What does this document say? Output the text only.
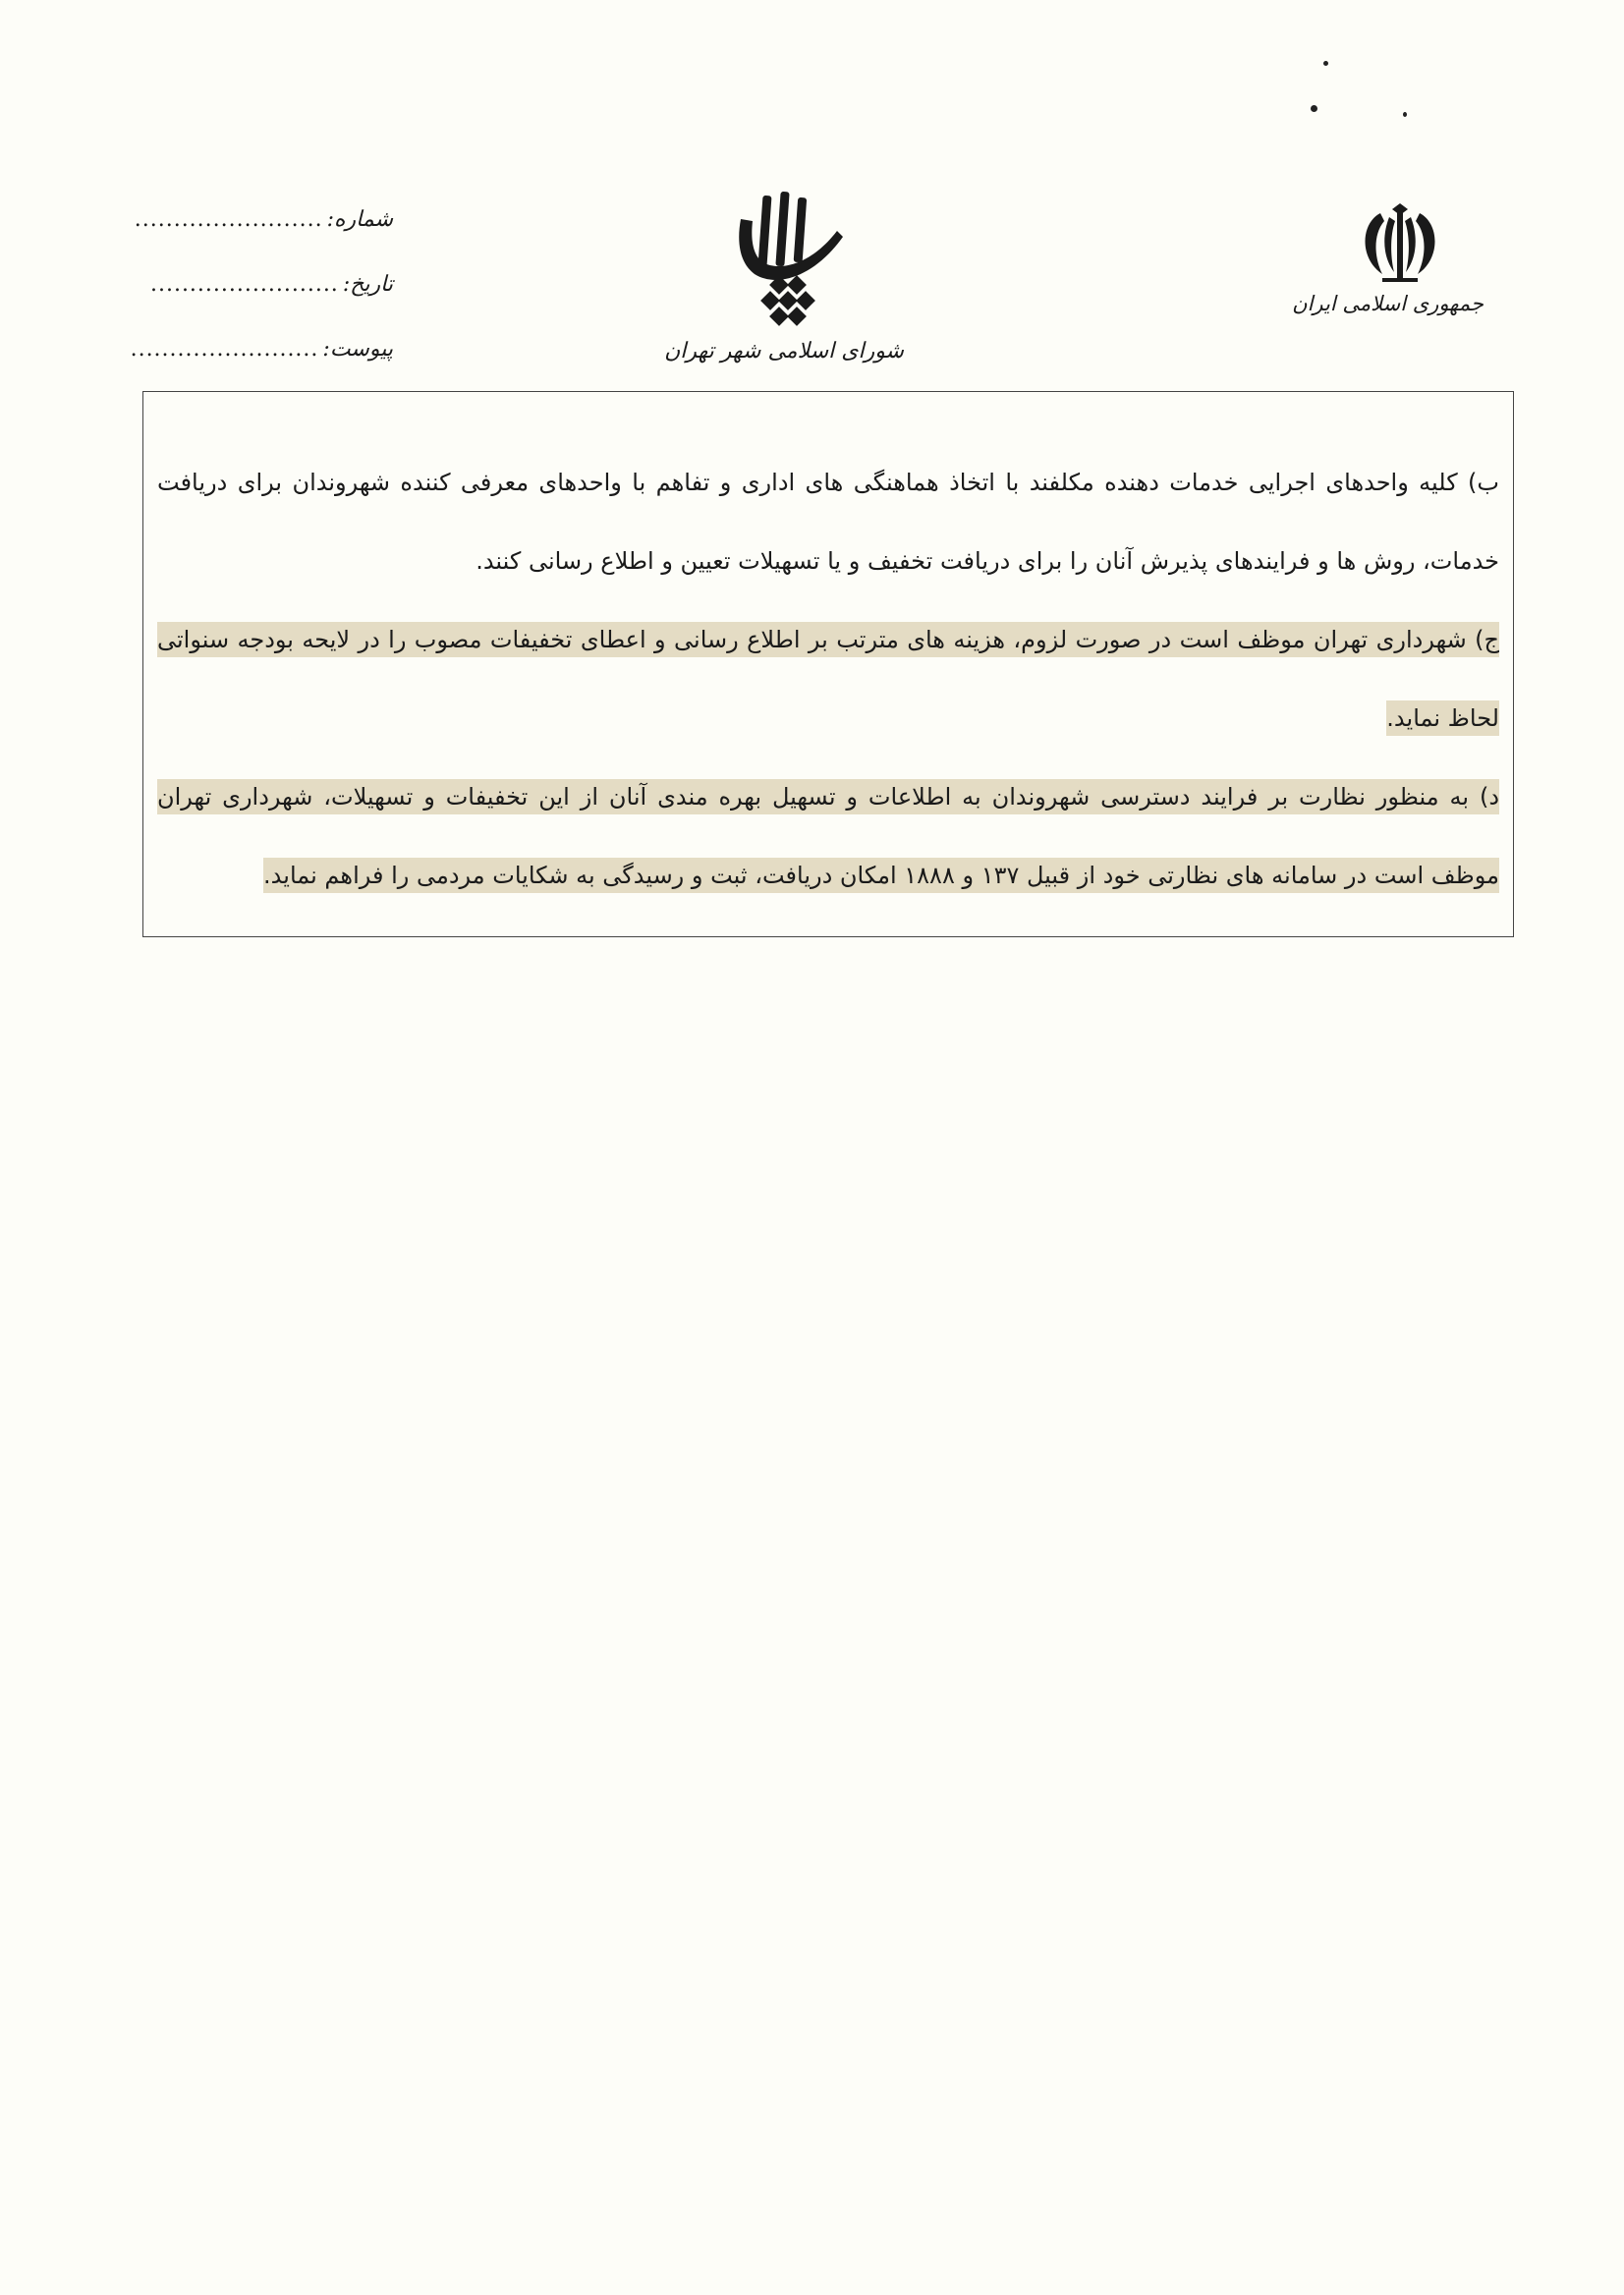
جمهوری اسلامی ایران
شورای اسلامی شهر تهران
شماره:
........................
تاریخ:
........................
پیوست:
........................
ب) کلیه واحدهای اجرایی خدمات دهنده مکلفند با اتخاذ هماهنگی های اداری و تفاهم با واحدهای معرفی کننده شهروندان برای دریافت خدمات، روش ها و فرایندهای پذیرش آنان را برای دریافت تخفیف و یا تسهیلات تعیین و اطلاع رسانی کنند.
ج) شهرداری تهران موظف است در صورت لزوم، هزینه های مترتب بر اطلاع رسانی و اعطای تخفیفات مصوب را در لایحه بودجه سنواتی لحاظ نماید.
د) به منظور نظارت بر فرایند دسترسی شهروندان به اطلاعات و تسهیل بهره مندی آنان از این تخفیفات و تسهیلات، شهرداری تهران موظف است در سامانه های نظارتی خود از قبیل ۱۳۷ و ۱۸۸۸ امکان دریافت، ثبت و رسیدگی به شکایات مردمی را فراهم نماید.
